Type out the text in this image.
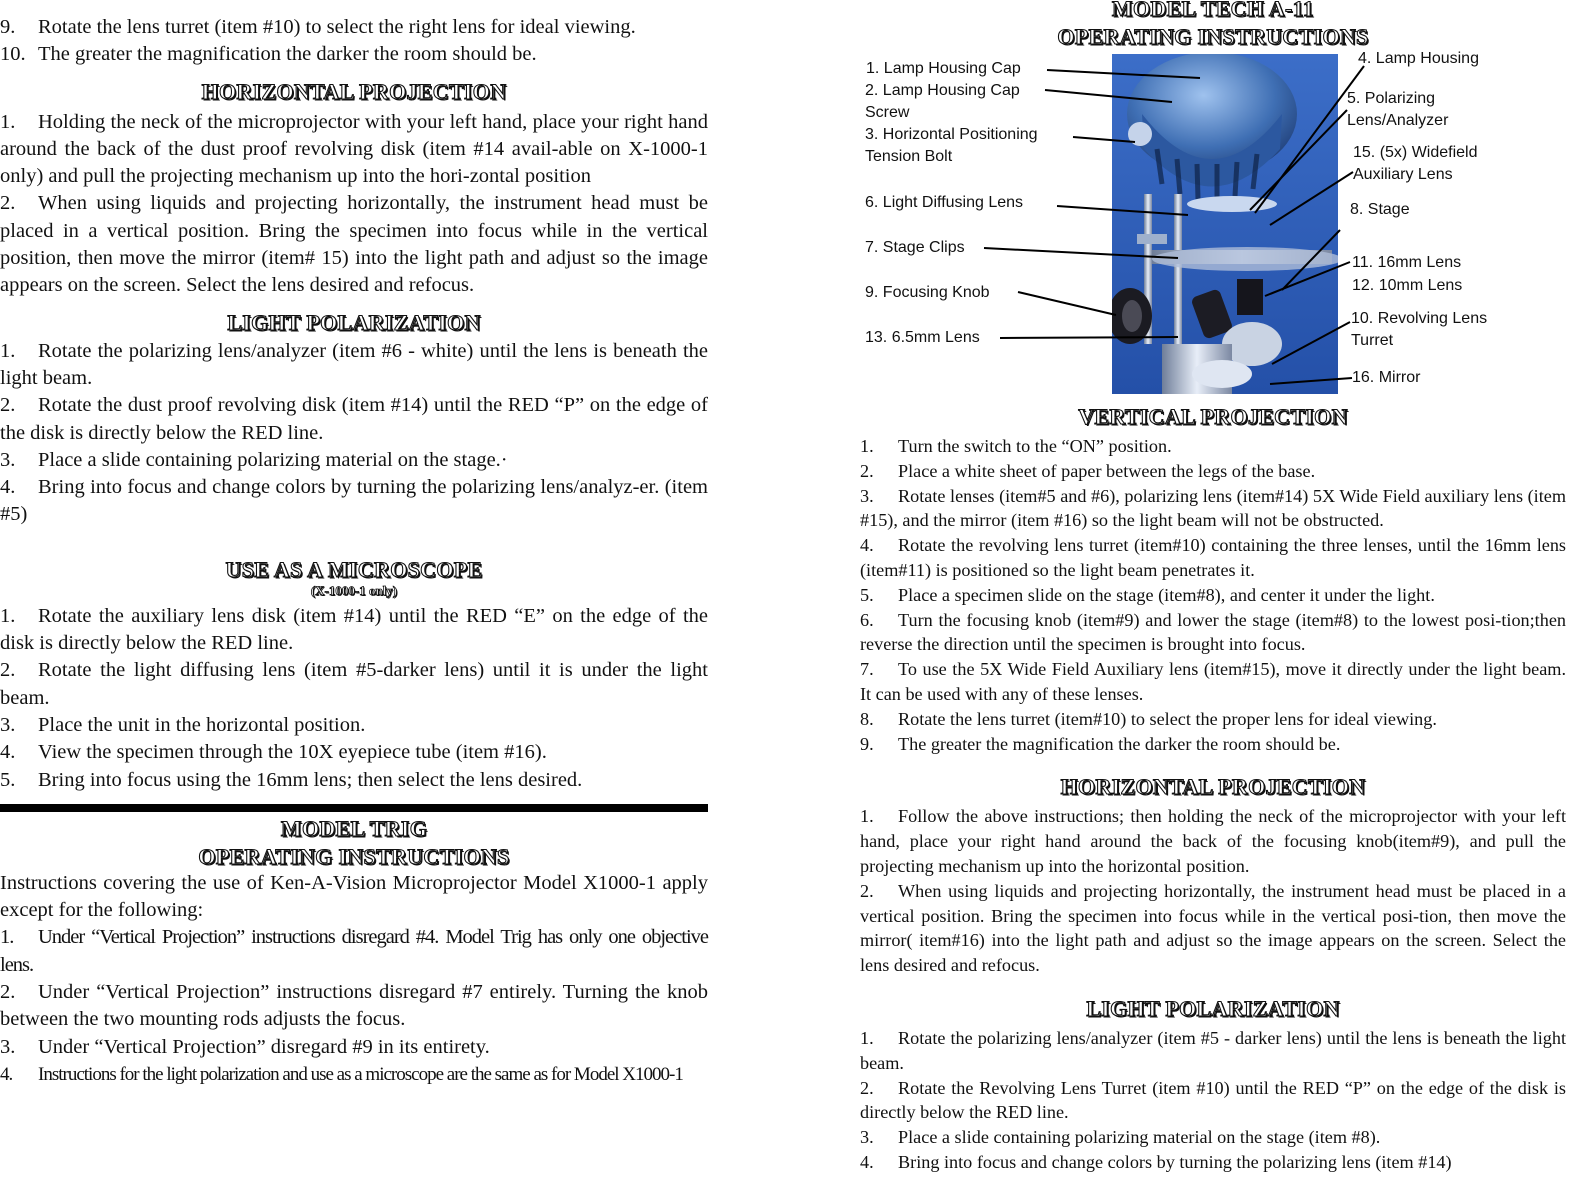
9. Rotate the lens turret (item #10) to select the right lens for ideal viewing.

10. The greater the magnification the darker the room should be.

HORIZONTAL PROJECTION

1. Holding the neck of the microprojector with your left hand, place your right hand around the back of the dust proof revolving disk (item #14 avail-able on X-1000-1 only) and pull the projecting mechanism up into the hori-zontal position

2. When using liquids and projecting horizontally, the instrument head must be placed in a vertical position. Bring the specimen into focus while in the vertical position, then move the mirror (item# 15) into the light path and adjust so the image appears on the screen. Select the lens desired and refocus.

LIGHT POLARIZATION

1. Rotate the polarizing lens/analyzer (item #6 - white) until the lens is beneath the light beam.

2. Rotate the dust proof revolving disk (item #14) until the RED “P” on the edge of the disk is directly below the RED line.

3. Place a slide containing polarizing material on the stage.·

4. Bring into focus and change colors by turning the polarizing lens/analyz-er. (item #5)

USE AS A MICROSCOPE
(X-1000-1 only)

1. Rotate the auxiliary lens disk (item #14) until the RED “E” on the edge of the disk is directly below the RED line.

2. Rotate the light diffusing lens (item #5-darker lens) until it is under the light beam.

3. Place the unit in the horizontal position.

4. View the specimen through the 10X eyepiece tube (item #16).

5. Bring into focus using the 16mm lens; then select the lens desired.

MODEL TRIG
OPERATING INSTRUCTIONS

Instructions covering the use of Ken-A-Vision Microprojector Model X1000-1 apply except for the following:

1. Under “Vertical Projection” instructions disregard #4. Model Trig has only one objective lens.

2. Under “Vertical Projection” instructions disregard #7 entirely. Turning the knob between the two mounting rods adjusts the focus.

3. Under “Vertical Projection” disregard #9 in its entirety.

4. Instructions for the light polarization and use as a microscope are the same as for Model X1000-1

MODEL TECH A-11
OPERATING INSTRUCTIONS
1. Lamp Housing Cap
2. Lamp Housing Cap
Screw
3. Horizontal Positioning
Tension Bolt
6. Light Diffusing Lens
7. Stage Clips
9. Focusing Knob
13. 6.5mm Lens
4. Lamp Housing
5. Polarizing
Lens/Analyzer
15. (5x) Widefield
Auxiliary Lens
8. Stage
11. 16mm Lens
12. 10mm Lens
10. Revolving Lens
Turret
16. Mirror
VERTICAL PROJECTION

1. Turn the switch to the “ON” position.

2. Place a white sheet of paper between the legs of the base.

3. Rotate lenses (item#5 and #6), polarizing lens (item#14) 5X Wide Field auxiliary lens (item #15), and the mirror (item #16) so the light beam will not be obstructed.

4. Rotate the revolving lens turret (item#10) containing the three lenses, until the 16mm lens (item#11) is positioned so the light beam penetrates it.

5. Place a specimen slide on the stage (item#8), and center it under the light.

6. Turn the focusing knob (item#9) and lower the stage (item#8) to the lowest posi-tion;then reverse the direction until the specimen is brought into focus.

7. To use the 5X Wide Field Auxiliary lens (item#15), move it directly under the light beam. It can be used with any of these lenses.

8. Rotate the lens turret (item#10) to select the proper lens for ideal viewing.

9. The greater the magnification the darker the room should be.

HORIZONTAL PROJECTION

1. Follow the above instructions; then holding the neck of the microprojector with your left hand, place your right hand around the back of the focusing knob(item#9), and pull the projecting mechanism up into the horizontal position.

2. When using liquids and projecting horizontally, the instrument head must be placed in a vertical position. Bring the specimen into focus while in the vertical posi-tion, then move the mirror( item#16) into the light path and adjust so the image appears on the screen. Select the lens desired and refocus.

LIGHT POLARIZATION

1. Rotate the polarizing lens/analyzer (item #5 - darker lens) until the lens is beneath the light beam.

2. Rotate the Revolving Lens Turret (item #10) until the RED “P” on the edge of the disk is directly below the RED line.

3. Place a slide containing polarizing material on the stage (item #8).

4. Bring into focus and change colors by turning the polarizing lens (item #14)
